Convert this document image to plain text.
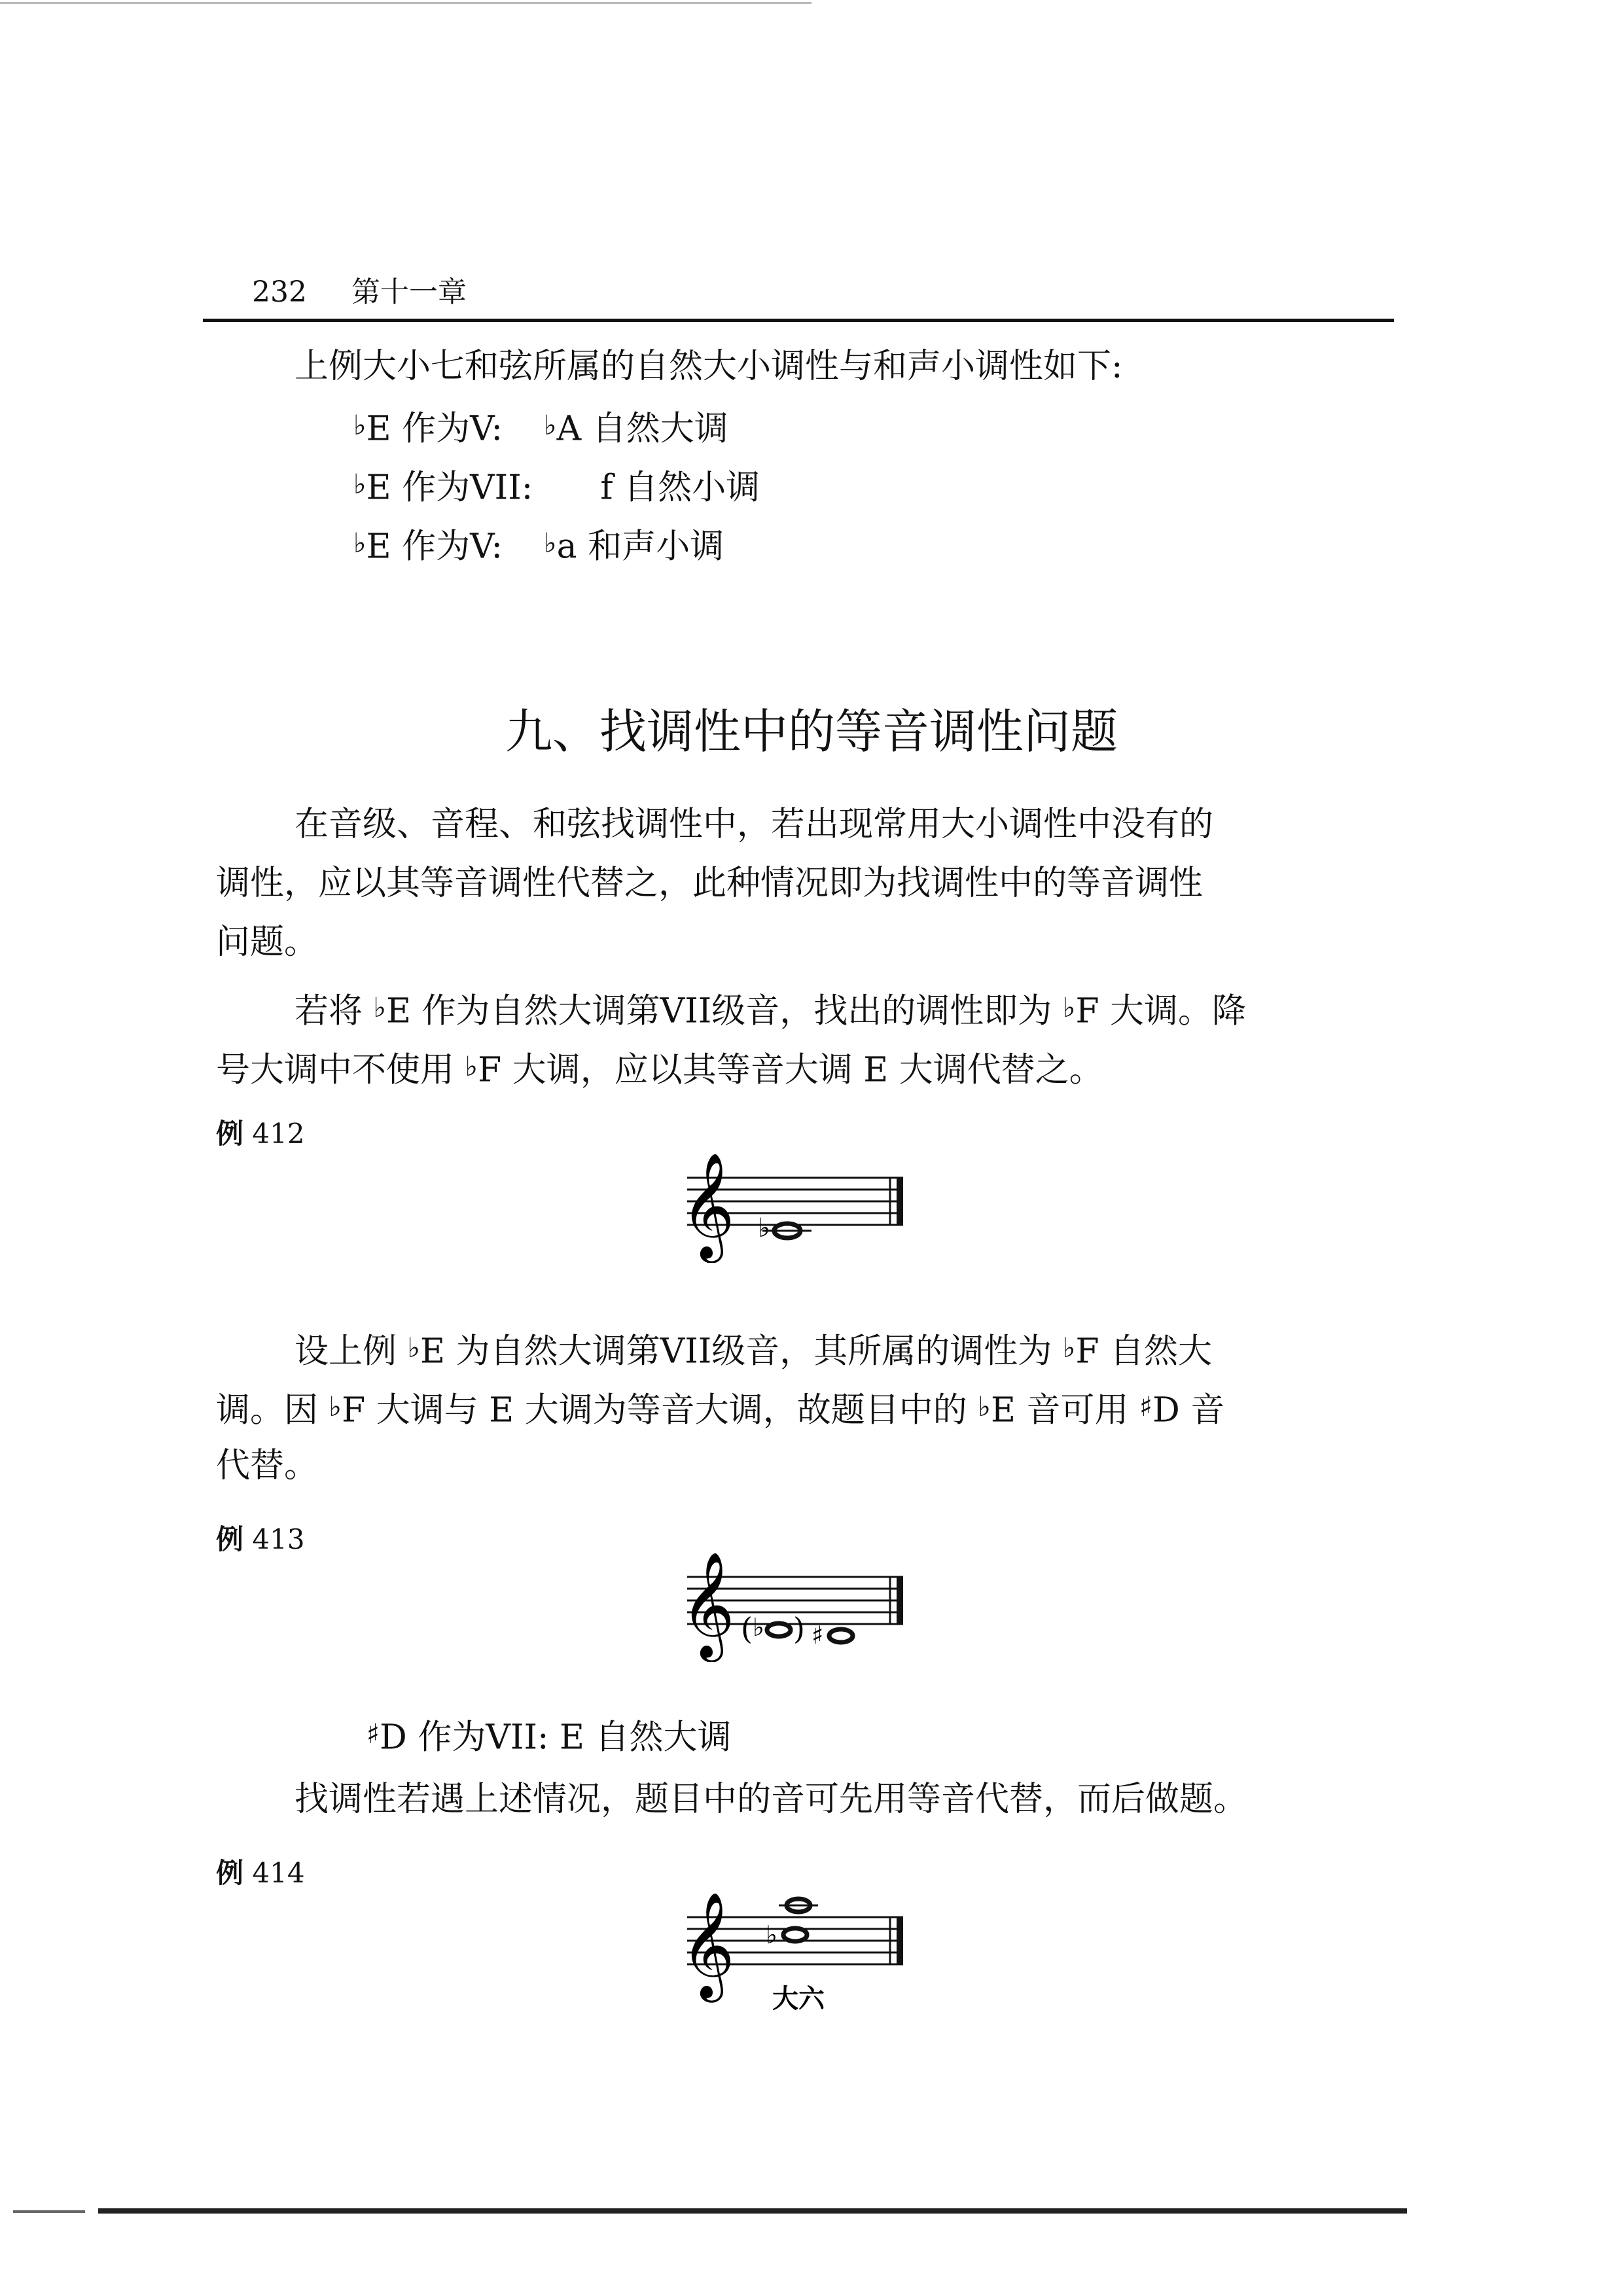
232 第十一章
上例大小七和弦所属的自然大小调性与和声小调性如下:
♭E 作为V: ♭A 自然大调
♭E 作为VII: f 自然小调
♭E 作为V: ♭a 和声小调
九、找调性中的等音调性问题
在音级、音程、和弦找调性中，若出现常用大小调性中没有的
调性，应以其等音调性代替之，此种情况即为找调性中的等音调性
问题。
若将 ♭E 作为自然大调第VII级音，找出的调性即为 ♭F 大调。降
号大调中不使用 ♭F 大调，应以其等音大调 E 大调代替之。
例 412
𝄞 ♭
设上例 ♭E 为自然大调第VII级音，其所属的调性为 ♭F 自然大
调。因 ♭F 大调与 E 大调为等音大调，故题目中的 ♭E 音可用 ♯D 音
代替。
例 413
𝄞 ( ♭ ) ♯
♯D 作为VII: E 自然大调
找调性若遇上述情况，题目中的音可先用等音代替，而后做题。
例 414
𝄞 ♭
大六
